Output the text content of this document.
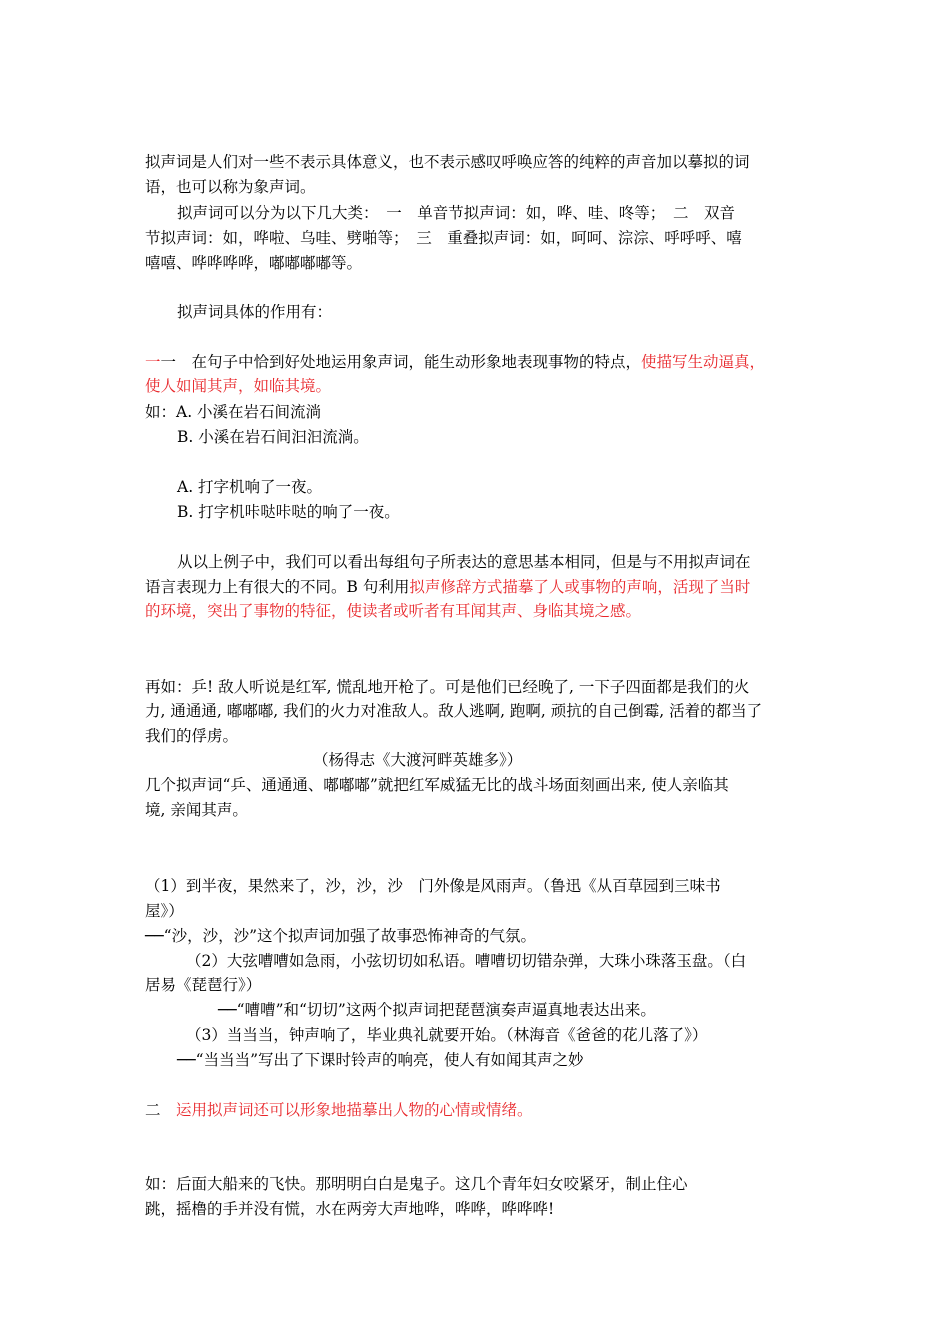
拟声词是人们对一些不表示具体意义，也不表示感叹呼唤应答的纯粹的声音加以摹拟的词
语，也可以称为象声词。
拟声词可以分为以下几大类：　一　单音节拟声词：如，哗、哇、咚等；　二　双音
节拟声词：如，哗啦、乌哇、劈啪等；　三　重叠拟声词：如，呵呵、淙淙、呼呼呼、嘻
嘻嘻、哗哗哗哗，嘟嘟嘟嘟等。
拟声词具体的作用有：
一一　在句子中恰到好处地运用象声词，能生动形象地表现事物的特点，使描写生动逼真，
使人如闻其声，如临其境。
如：A. 小溪在岩石间流淌
B. 小溪在岩石间汩汩流淌。
A. 打字机响了一夜。
B. 打字机咔哒咔哒的响了一夜。
从以上例子中，我们可以看出每组句子所表达的意思基本相同，但是与不用拟声词在
语言表现力上有很大的不同。B 句利用拟声修辞方式描摹了人或事物的声响，活现了当时
的环境，突出了事物的特征，使读者或听者有耳闻其声、身临其境之感。
再如：乒! 敌人听说是红军, 慌乱地开枪了。可是他们已经晚了, 一下子四面都是我们的火
力, 通通通, 嘟嘟嘟, 我们的火力对准敌人。敌人逃啊, 跑啊, 顽抗的自己倒霉, 活着的都当了
我们的俘虏。
（杨得志《大渡河畔英雄多》）
几个拟声词“乒、通通通、嘟嘟嘟”就把红军威猛无比的战斗场面刻画出来, 使人亲临其
境, 亲闻其声。
（1）到半夜，果然来了，沙，沙，沙　门外像是风雨声。（鲁迅《从百草园到三味书
屋》）
──“沙，沙，沙”这个拟声词加强了故事恐怖神奇的气氛。
（2）大弦嘈嘈如急雨，小弦切切如私语。嘈嘈切切错杂弹，大珠小珠落玉盘。（白
居易《琵琶行》）
──“嘈嘈”和“切切”这两个拟声词把琵琶演奏声逼真地表达出来。
（3）当当当，钟声响了，毕业典礼就要开始。（林海音《爸爸的花儿落了》）
──“当当当”写出了下课时铃声的响亮，使人有如闻其声之妙
二　运用拟声词还可以形象地描摹出人物的心情或情绪。
如：后面大船来的飞快。那明明白白是鬼子。这几个青年妇女咬紧牙，制止住心
跳，摇橹的手并没有慌，水在两旁大声地哗，哗哗，哗哗哗!
